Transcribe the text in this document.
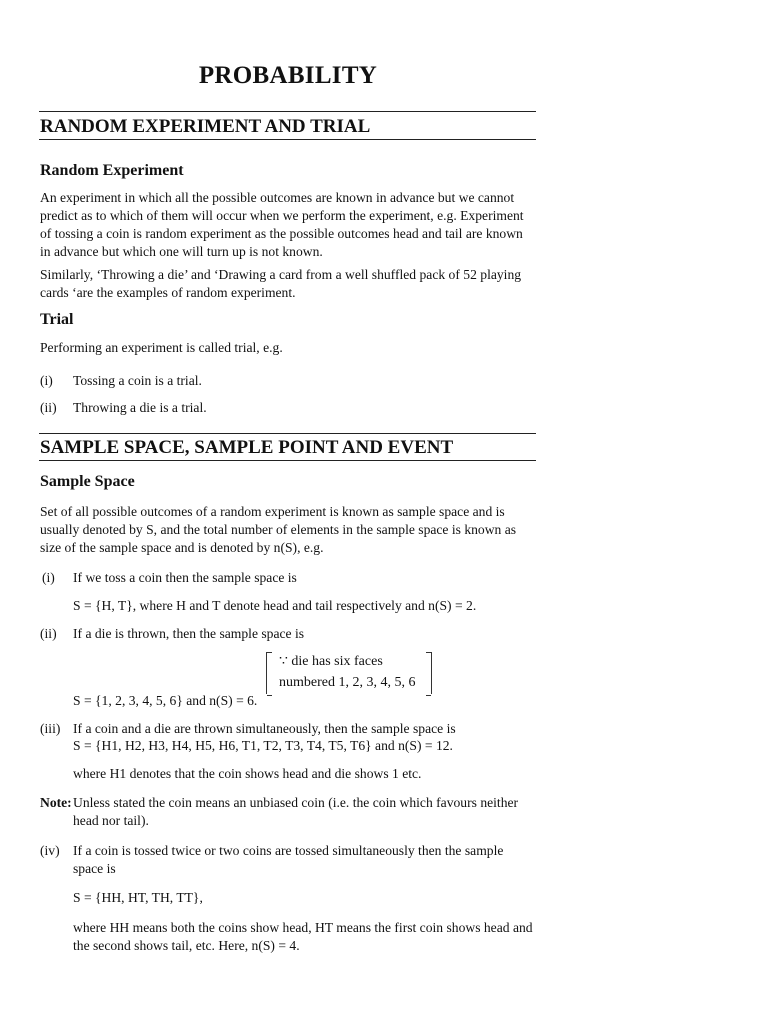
PROBABILITY
RANDOM EXPERIMENT AND TRIAL
Random Experiment
An experiment in which all the possible outcomes are known in advance but we cannot predict as to which of them will occur when we perform the experiment, e.g. Experiment of tossing a coin is random experiment as the possible outcomes head and tail are known in advance but which one will turn up is not known.
Similarly, ‘Throwing a die’ and ‘Drawing a card from a well shuffled pack of 52 playing cards ‘are the examples of random experiment.
Trial
Performing an experiment is called trial, e.g.
(i) Tossing a coin is a trial.
(ii) Throwing a die is a trial.
SAMPLE SPACE, SAMPLE POINT AND EVENT
Sample Space
Set of all possible outcomes of a random experiment is known as sample space and is usually denoted by S, and the total number of elements in the sample space is known as size of the sample space and is denoted by n(S), e.g.
(i) If we toss a coin then the sample space is
S = {H, T}, where H and T denote head and tail respectively and n(S) = 2.
(ii) If a die is thrown, then the sample space is
∵ die has six faces
numbered 1, 2, 3, 4, 5, 6
S = {1, 2, 3, 4, 5, 6} and n(S) = 6.
(iii) If a coin and a die are thrown simultaneously, then the sample space is
S = {H1, H2, H3, H4, H5, H6, T1, T2, T3, T4, T5, T6} and n(S) = 12.
where H1 denotes that the coin shows head and die shows 1 etc.
Note: Unless stated the coin means an unbiased coin (i.e. the coin which favours neither head nor tail).
(iv) If a coin is tossed twice or two coins are tossed simultaneously then the sample space is
S = {HH, HT, TH, TT},
where HH means both the coins show head, HT means the first coin shows head and the second shows tail, etc. Here, n(S) = 4.
